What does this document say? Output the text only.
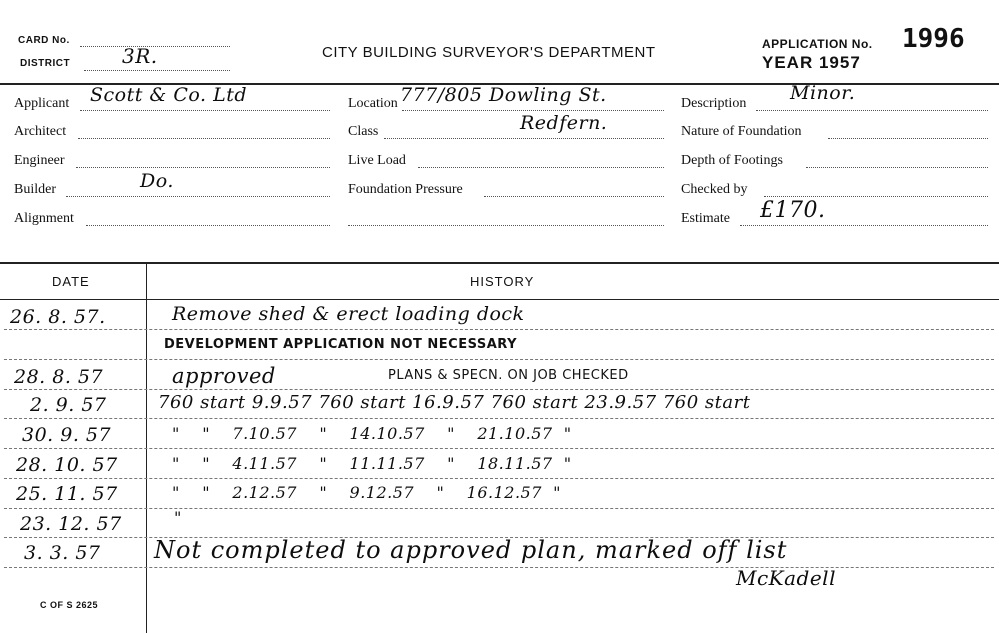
CARD No.
DISTRICT	3R.	CITY BUILDING SURVEYOR'S DEPARTMENT	APPLICATION No. 1996
YEAR 1957
Applicant Scott & Co. Ltd
Architect
Engineer
Builder	Do.
Alignment
Location 777/805 Dowling St.
Class	Redfern.
Live Load
Foundation Pressure
Description Minor.
Nature of Foundation
Depth of Footings
Checked by
Estimate £170.
DATE	HISTORY
26. 8. 57.	Remove shed & erect loading dock
DEVELOPMENT APPLICATION NOT NECESSARY
28. 8. 57	approved	PLANS & SPECN. ON JOB CHECKED
2. 9. 57	760 start 9.9.57 760 start 16.9.57 760 start 23.9.57 760 start
30. 9. 57	"    "    7.10.57    "    14.10.57    "    21.10.57  "
28. 10. 57	"    "    4.11.57    "    11.11.57    "    18.11.57  "
25. 11. 57	"    "    2.12.57    "    9.12.57    "    16.12.57  "
23. 12. 57	"
3. 3. 57 Not completed to approved plan, marked off list
McKadell
C OF S 2625
